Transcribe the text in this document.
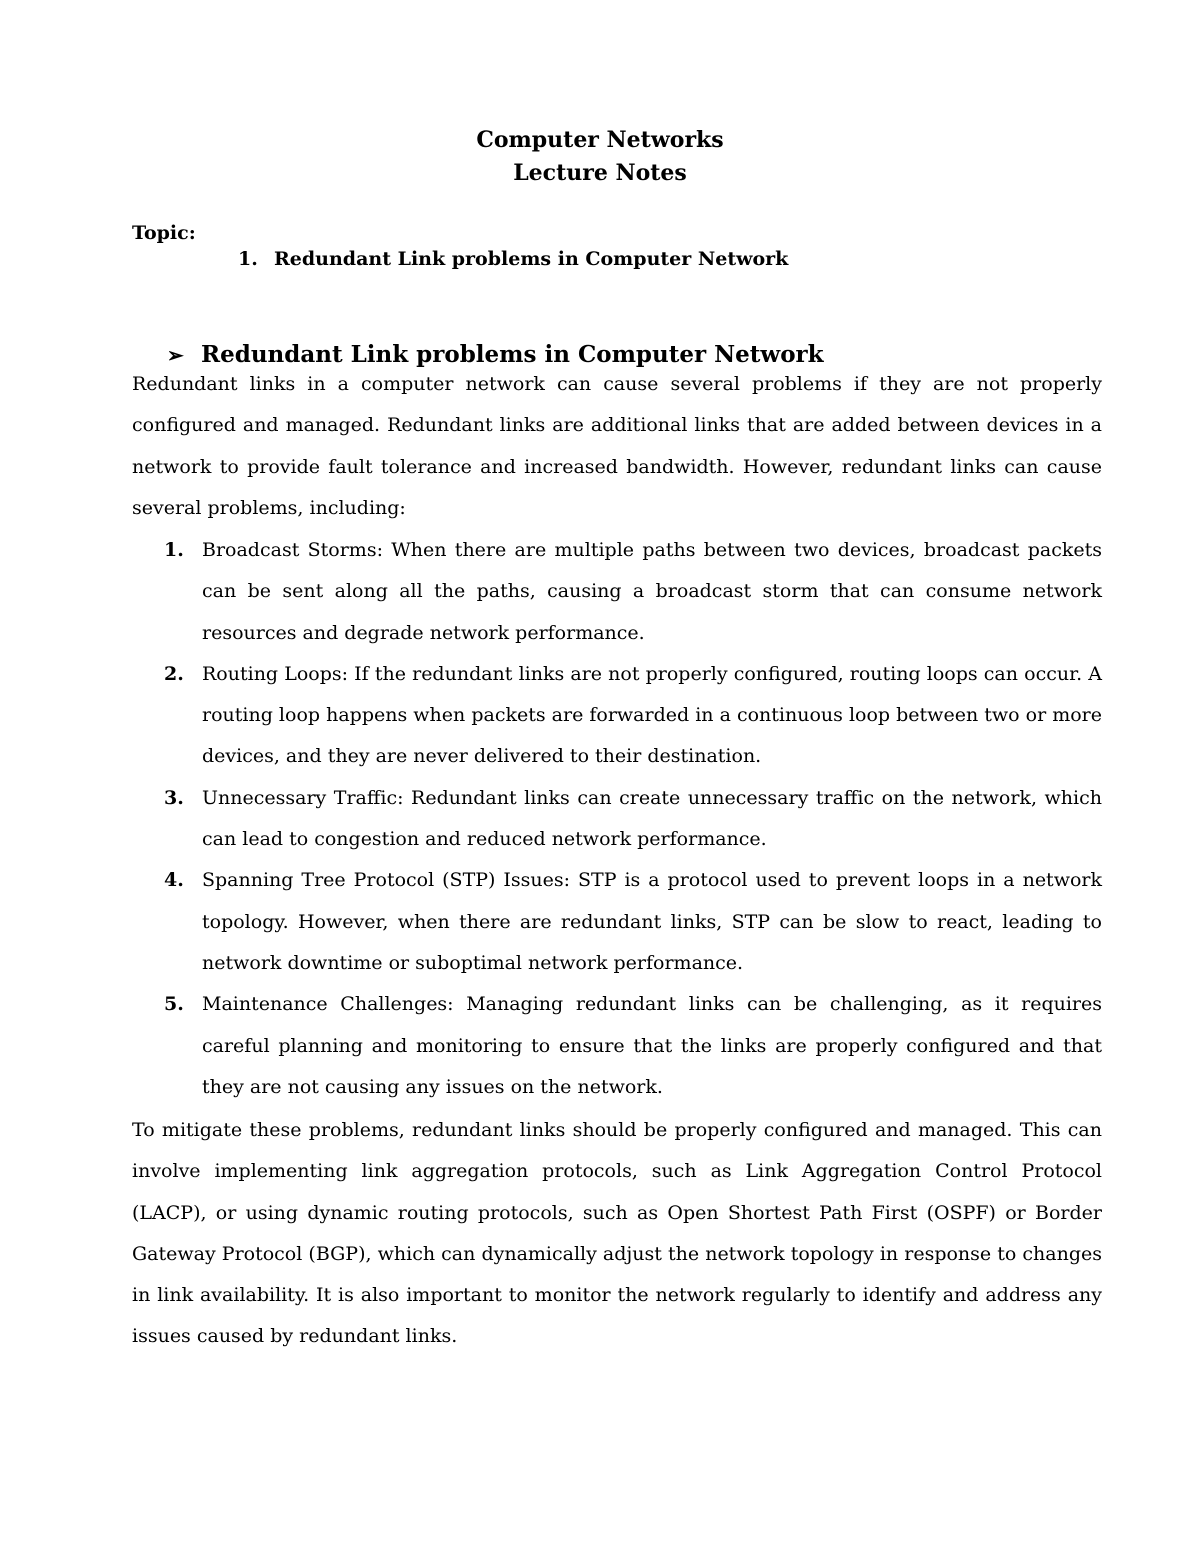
Computer Networks
Lecture Notes
Topic:
1. Redundant Link problems in Computer Network
➢ Redundant Link problems in Computer Network
Redundant links in a computer network can cause several problems if they are not properly configured and managed. Redundant links are additional links that are added between devices in a network to provide fault tolerance and increased bandwidth. However, redundant links can cause several problems, including:
1. Broadcast Storms: When there are multiple paths between two devices, broadcast packets can be sent along all the paths, causing a broadcast storm that can consume network resources and degrade network performance.
2. Routing Loops: If the redundant links are not properly configured, routing loops can occur. A routing loop happens when packets are forwarded in a continuous loop between two or more devices, and they are never delivered to their destination.
3. Unnecessary Traffic: Redundant links can create unnecessary traffic on the network, which can lead to congestion and reduced network performance.
4. Spanning Tree Protocol (STP) Issues: STP is a protocol used to prevent loops in a network topology. However, when there are redundant links, STP can be slow to react, leading to network downtime or suboptimal network performance.
5. Maintenance Challenges: Managing redundant links can be challenging, as it requires careful planning and monitoring to ensure that the links are properly configured and that they are not causing any issues on the network.
To mitigate these problems, redundant links should be properly configured and managed. This can involve implementing link aggregation protocols, such as Link Aggregation Control Protocol (LACP), or using dynamic routing protocols, such as Open Shortest Path First (OSPF) or Border Gateway Protocol (BGP), which can dynamically adjust the network topology in response to changes in link availability. It is also important to monitor the network regularly to identify and address any issues caused by redundant links.
